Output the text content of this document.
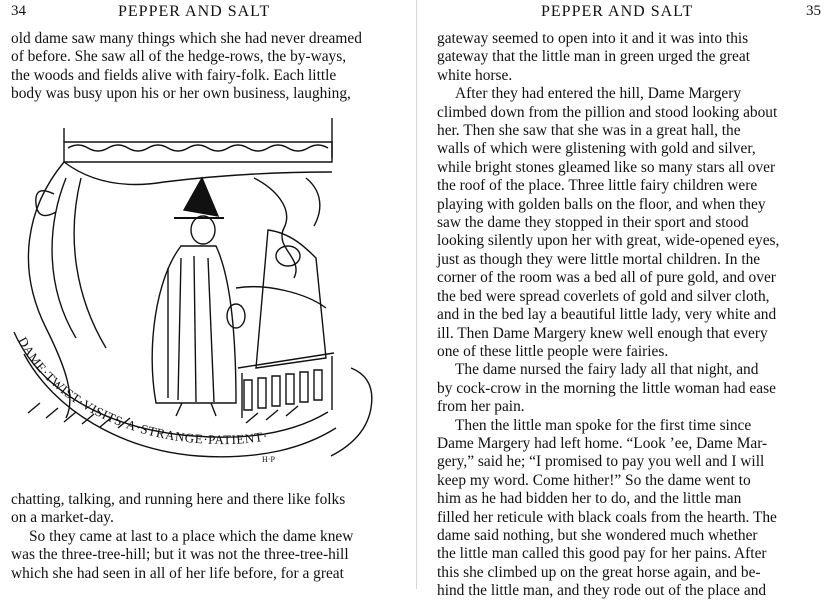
34	PEPPER AND SALT

old dame saw many things which she had never dreamed

of before. She saw all of the hedge-rows, the by-ways,

the woods and fields alive with fairy-folk. Each little

body was busy upon his or her own business, laughing,

DAME·TWIST·VISITS·A·STRANGE·PATIENT·
H·P

chatting, talking, and running here and there like folks

on a market-day.

So they came at last to a place which the dame knew

was the three-tree-hill; but it was not the three-tree-hill

which she had seen in all of her life before, for a great

PEPPER AND SALT	35

gateway seemed to open into it and it was into this

gateway that the little man in green urged the great

white horse.

After they had entered the hill, Dame Margery

climbed down from the pillion and stood looking about

her. Then she saw that she was in a great hall, the

walls of which were glistening with gold and silver,

while bright stones gleamed like so many stars all over

the roof of the place. Three little fairy children were

playing with golden balls on the floor, and when they

saw the dame they stopped in their sport and stood

looking silently upon her with great, wide-opened eyes,

just as though they were little mortal children. In the

corner of the room was a bed all of pure gold, and over

the bed were spread coverlets of gold and silver cloth,

and in the bed lay a beautiful little lady, very white and

ill. Then Dame Margery knew well enough that every

one of these little people were fairies.

The dame nursed the fairy lady all that night, and

by cock-crow in the morning the little woman had ease

from her pain.

Then the little man spoke for the first time since

Dame Margery had left home. “Look ’ee, Dame Mar-

gery,” said he; “I promised to pay you well and I will

keep my word. Come hither!” So the dame went to

him as he had bidden her to do, and the little man

filled her reticule with black coals from the hearth. The

dame said nothing, but she wondered much whether

the little man called this good pay for her pains. After

this she climbed up on the great horse again, and be-

hind the little man, and they rode out of the place and
